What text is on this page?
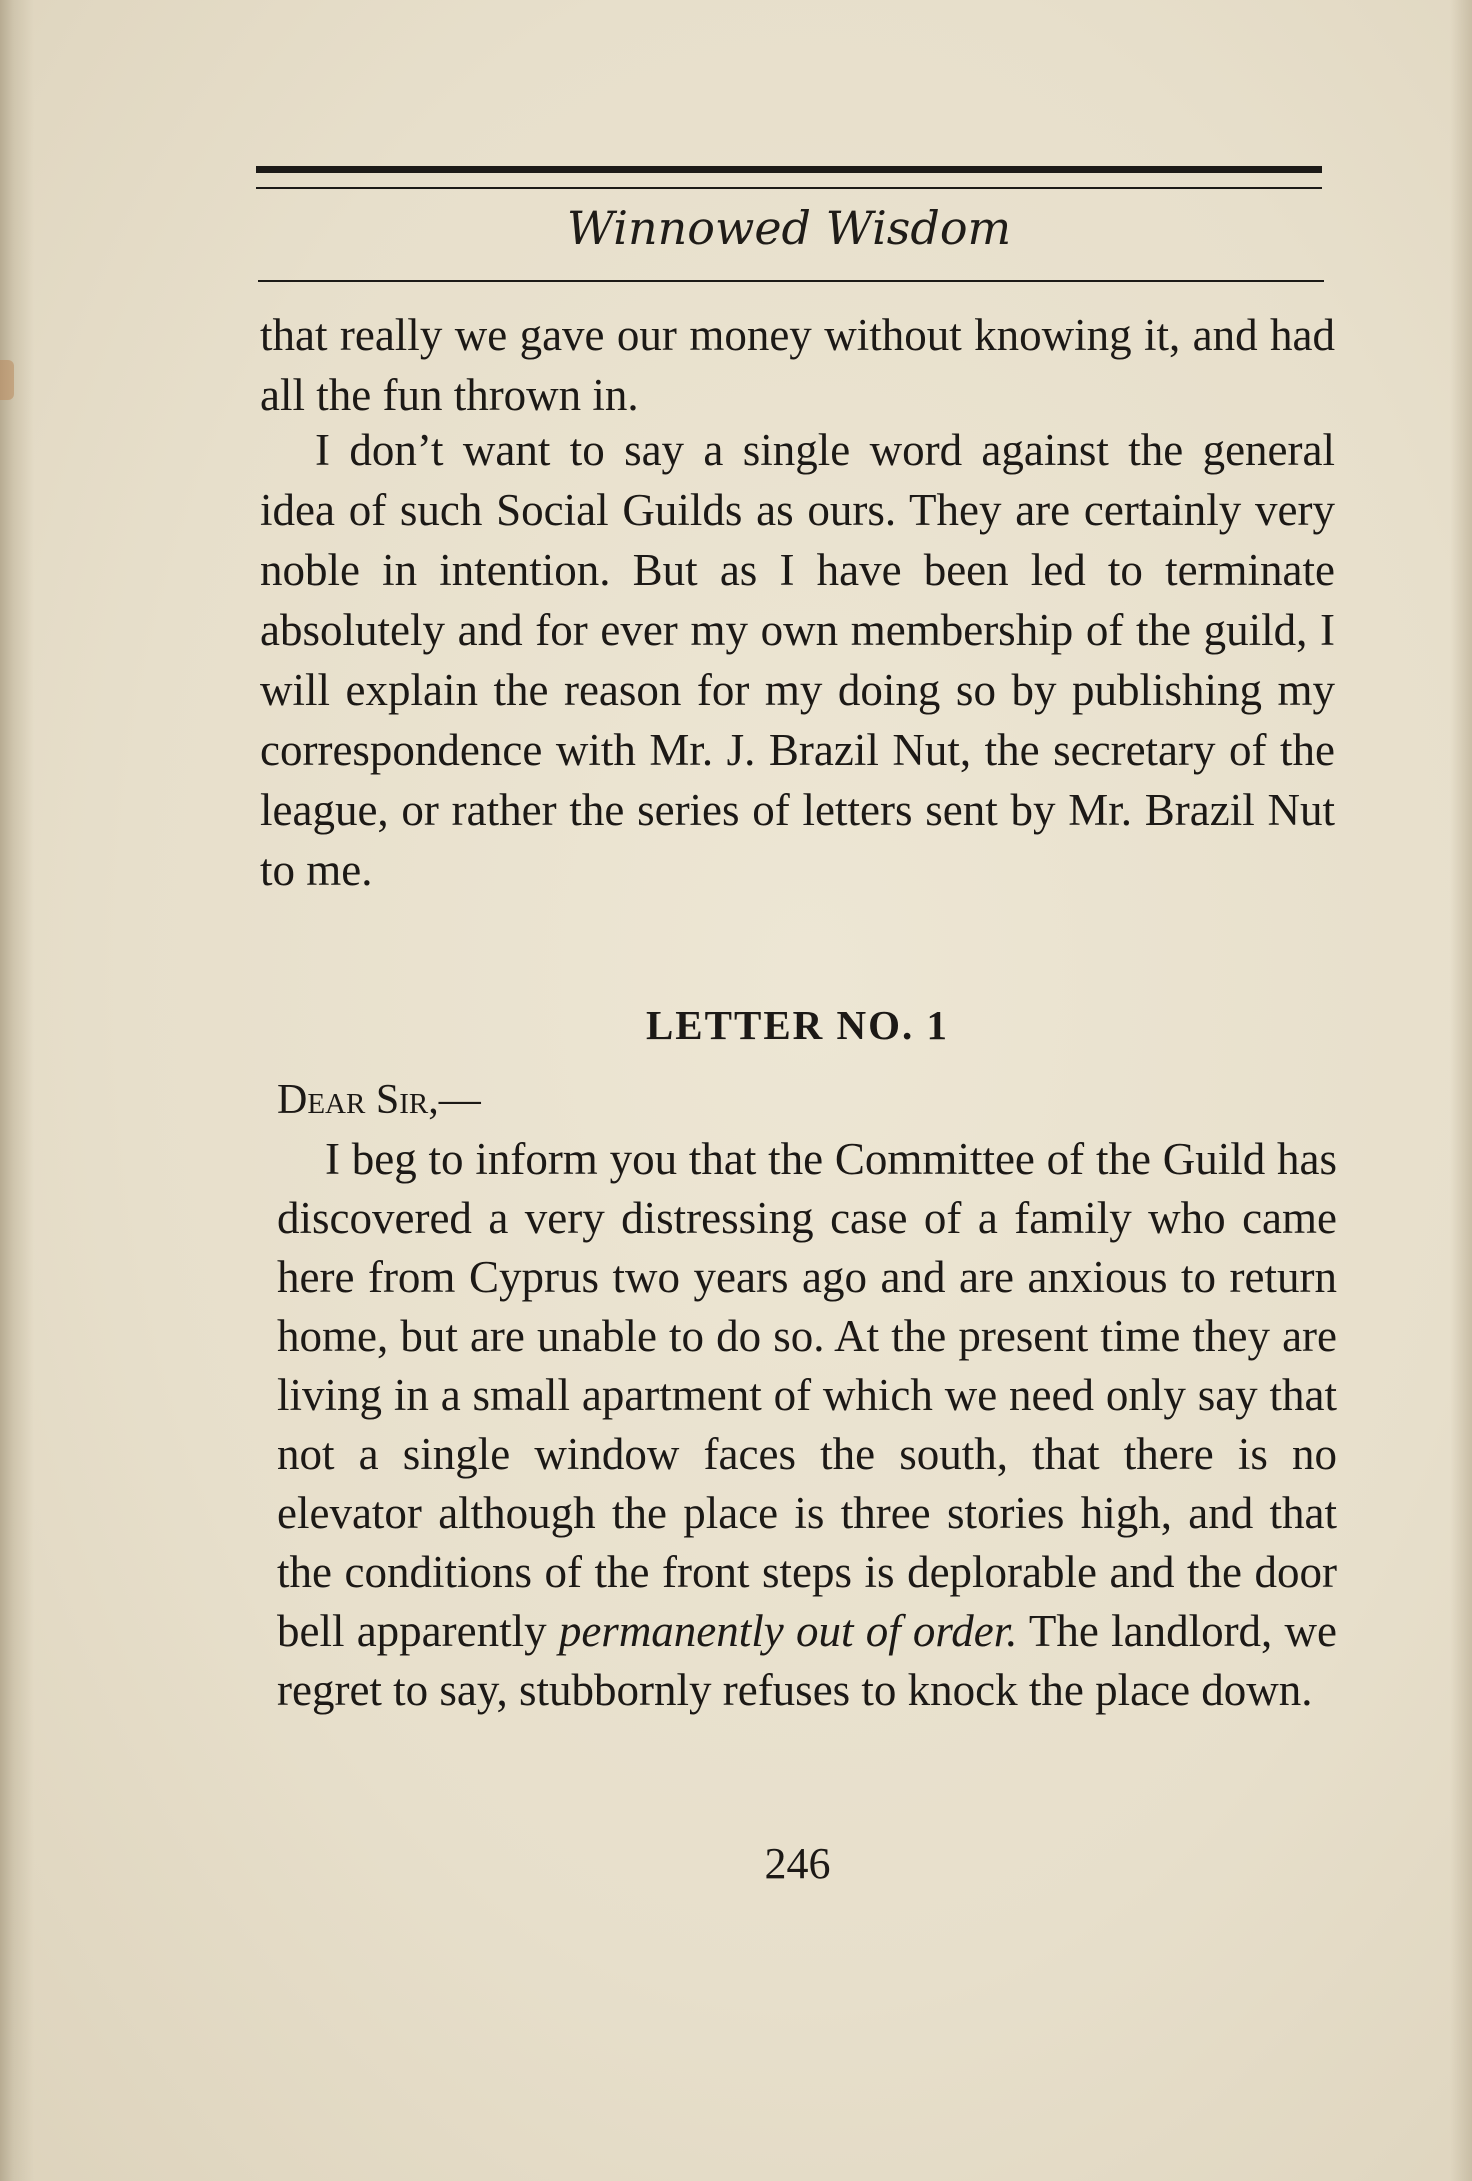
Winnowed Wisdom

that really we gave our money without knowing it, and had all the fun thrown in.

I don’t want to say a single word against the general idea of such Social Guilds as ours. They are certainly very noble in intention. But as I have been led to terminate absolutely and for ever my own membership of the guild, I will explain the reason for my doing so by publishing my correspondence with Mr. J. Brazil Nut, the secretary of the league, or rather the series of letters sent by Mr. Brazil Nut to me.

LETTER NO. 1
Dear Sir,—

I beg to inform you that the Committee of the Guild has discovered a very distressing case of a family who came here from Cyprus two years ago and are anxious to return home, but are unable to do so. At the present time they are living in a small apartment of which we need only say that not a single window faces the south, that there is no elevator although the place is three stories high, and that the conditions of the front steps is deplorable and the door bell apparently permanently out of order. The landlord, we regret to say, stubbornly refuses to knock the place down.

246
